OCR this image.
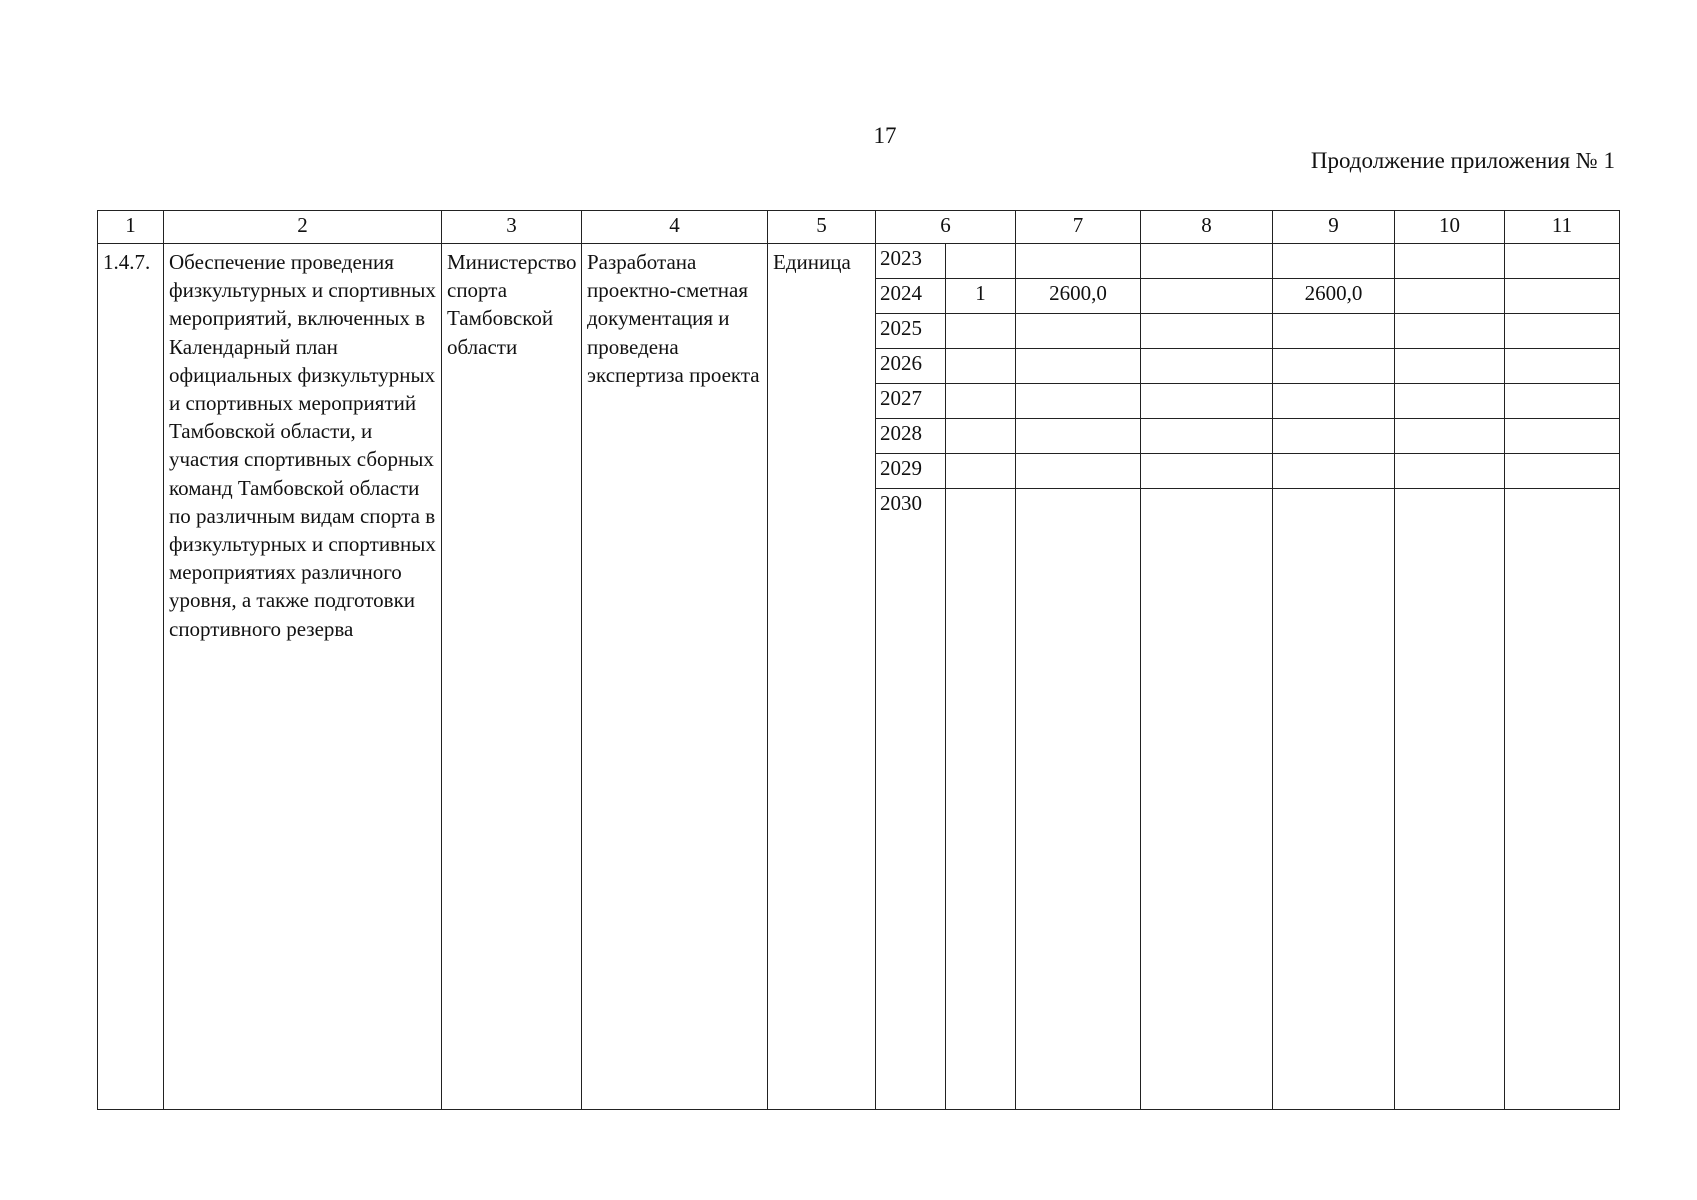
17
Продолжение приложения № 1
1	2	3	4	5	6		7	8	9	10	11
1.4.7.	Обеспечение проведения физкультурных и спортивных мероприятий, включенных в Календарный план официальных физкультурных и спортивных мероприятий Тамбовской области, и участия спортивных сборных команд Тамбовской области по различным видам спорта в физкультурных и спортивных мероприятиях различного уровня, а также подготовки спортивного резерва	Министерство спорта Тамбовской области	Разработана проектно-сметная документация и проведена экспертиза проекта	Единица	2023						
					2024	1	2600,0		2600,0		
					2025						
					2026						
					2027						
					2028						
					2029						
					2030						
